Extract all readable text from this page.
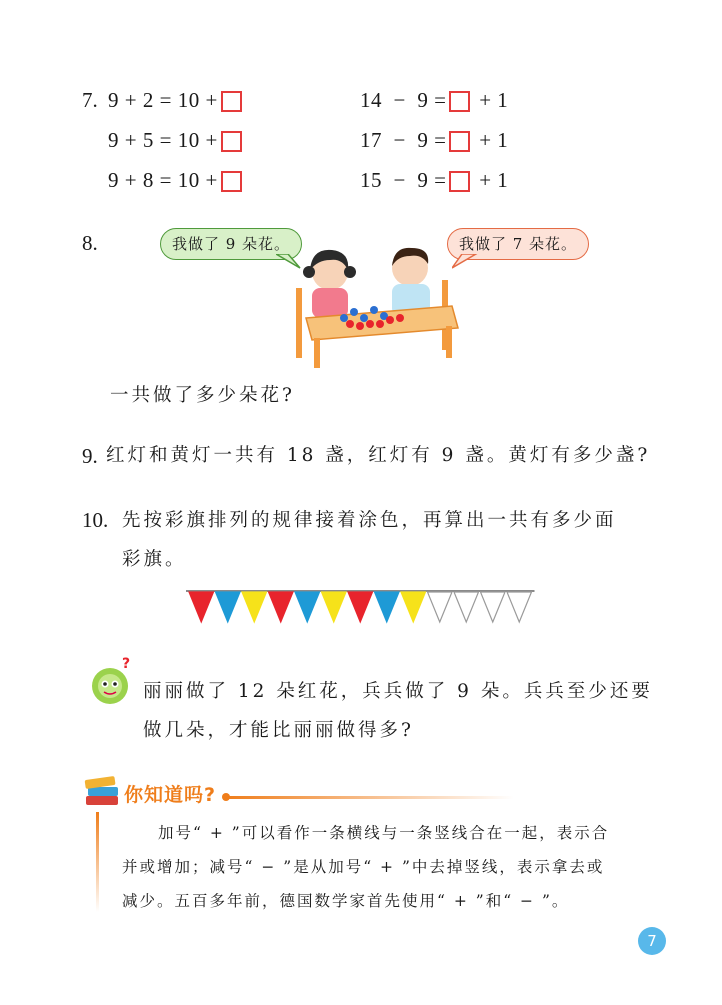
7. 9 + 2 = 10 +
9 + 5 = 10 +
9 + 8 = 10 +
14 − 9 = + 1
17 − 9 = + 1
15 − 9 = + 1
8.	我做了 9 朵花。	我做了 7 朵花。
一共做了多少朵花?
9. 红灯和黄灯一共有 18 盏，红灯有 9 盏。黄灯有多少盏?
10. 先按彩旗排列的规律接着涂色，再算出一共有多少面
彩旗。
?
丽丽做了 12 朵红花，兵兵做了 9 朵。兵兵至少还要
做几朵，才能比丽丽做得多?
你知道吗?
加号“ + ”可以看作一条横线与一条竖线合在一起，表示合
并或增加；减号“ − ”是从加号“ + ”中去掉竖线，表示拿去或
减少。五百多年前，德国数学家首先使用“ + ”和“ − ”。
7
